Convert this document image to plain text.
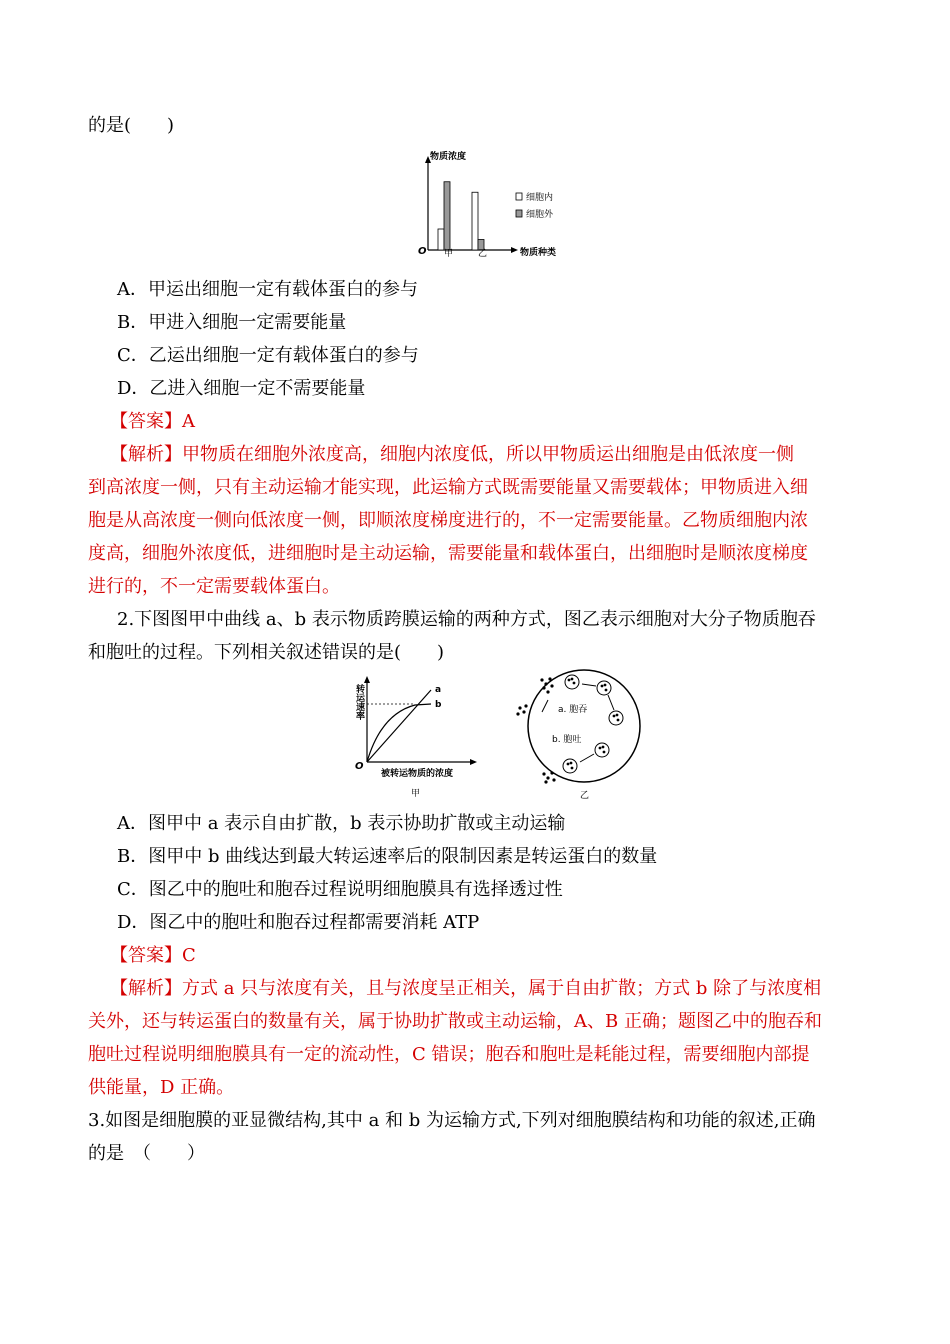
的是(　　)
物质浓度
O	物质种类
甲	乙
细胞内
细胞外
A．甲运出细胞一定有载体蛋白的参与
B．甲进入细胞一定需要能量
C．乙运出细胞一定有载体蛋白的参与
D．乙进入细胞一定不需要能量
【答案】A
【解析】甲物质在细胞外浓度高，细胞内浓度低，所以甲物质运出细胞是由低浓度一侧
到高浓度一侧，只有主动运输才能实现，此运输方式既需要能量又需要载体；甲物质进入细
胞是从高浓度一侧向低浓度一侧，即顺浓度梯度进行的，不一定需要能量。乙物质细胞内浓
度高，细胞外浓度低，进细胞时是主动运输，需要能量和载体蛋白，出细胞时是顺浓度梯度
进行的，不一定需要载体蛋白。
2.下图图甲中曲线 a、b 表示物质跨膜运输的两种方式，图乙表示细胞对大分子物质胞吞
和胞吐的过程。下列相关叙述错误的是(　　)
转运速率
O
a
b
被转运物质的浓度
甲
a. 胞吞
b. 胞吐
乙
A．图甲中 a 表示自由扩散，b 表示协助扩散或主动运输
B．图甲中 b 曲线达到最大转运速率后的限制因素是转运蛋白的数量
C．图乙中的胞吐和胞吞过程说明细胞膜具有选择透过性
D．图乙中的胞吐和胞吞过程都需要消耗 ATP
【答案】C
【解析】方式 a 只与浓度有关，且与浓度呈正相关，属于自由扩散；方式 b 除了与浓度相
关外，还与转运蛋白的数量有关，属于协助扩散或主动运输，A、B 正确；题图乙中的胞吞和
胞吐过程说明细胞膜具有一定的流动性，C 错误；胞吞和胞吐是耗能过程，需要细胞内部提
供能量，D 正确。
3.如图是细胞膜的亚显微结构,其中 a 和 b 为运输方式,下列对细胞膜结构和功能的叙述,正确
的是　（　　）
